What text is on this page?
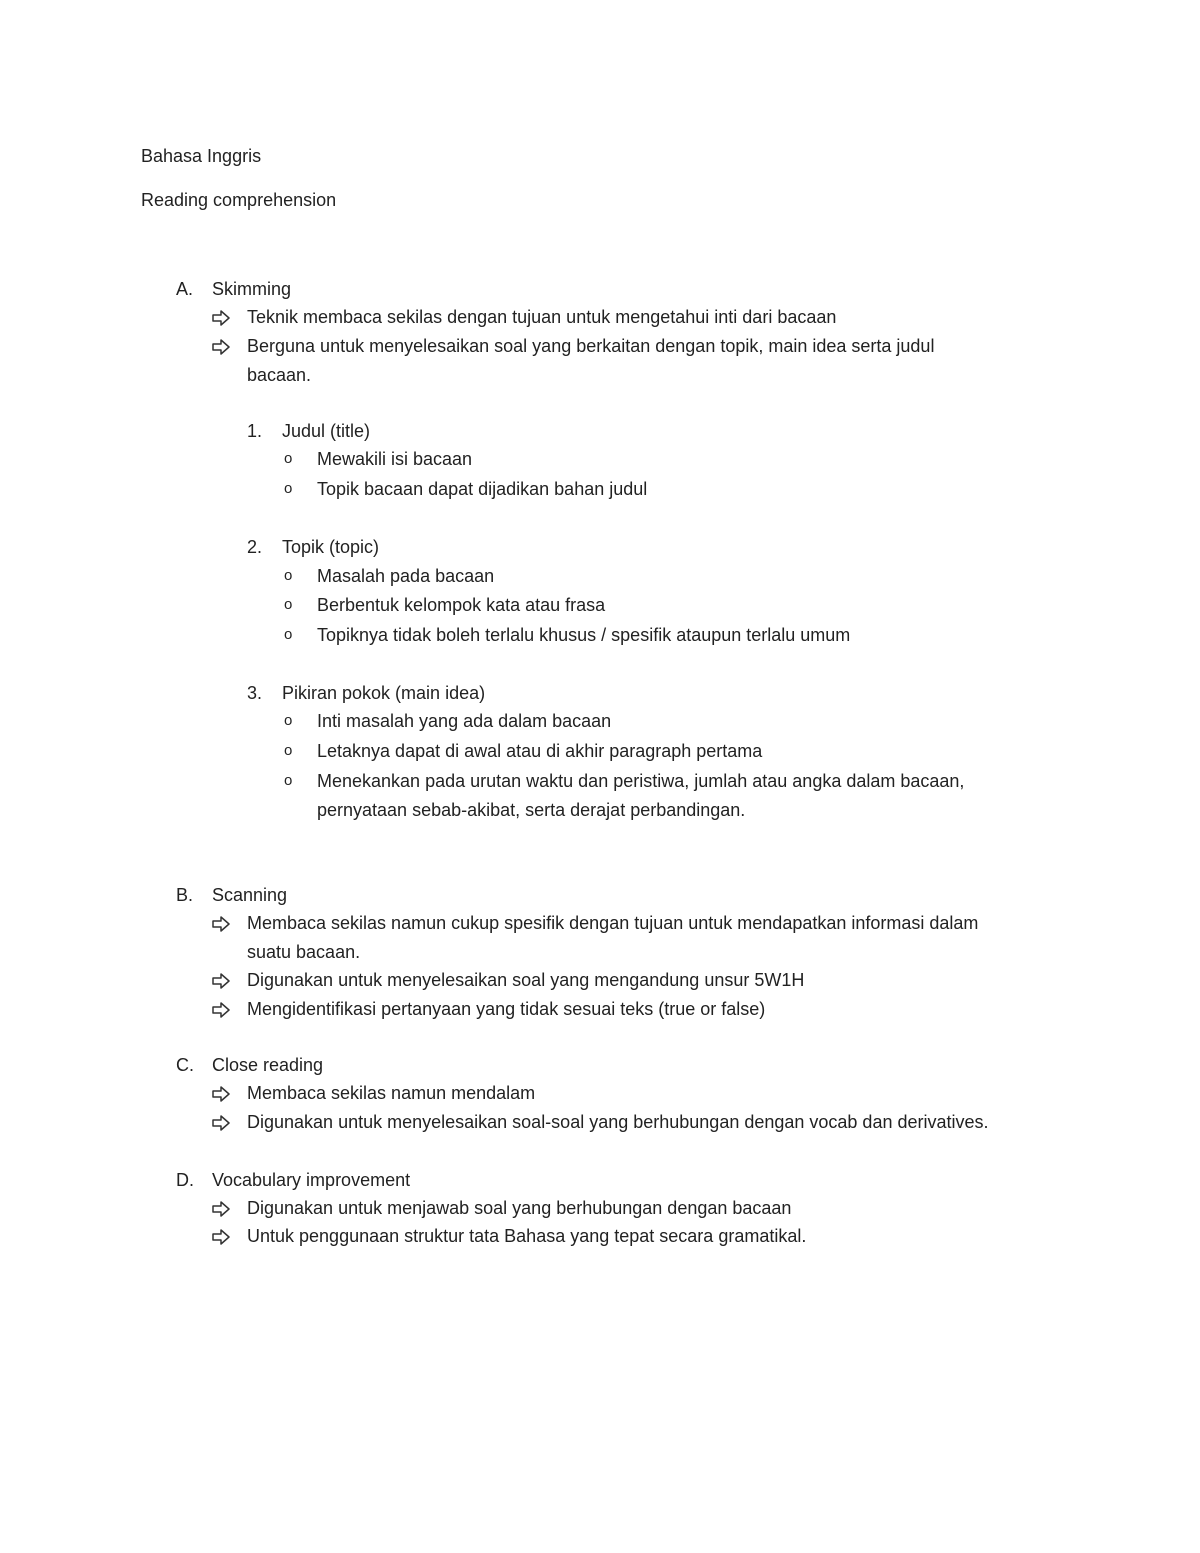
Bahasa Inggris
Reading comprehension
A. Skimming
Teknik membaca sekilas dengan tujuan untuk mengetahui inti dari bacaan
Berguna untuk menyelesaikan soal yang berkaitan dengan topik, main idea serta judul
bacaan.
1. Judul (title)
o Mewakili isi bacaan
o Topik bacaan dapat dijadikan bahan judul
2. Topik (topic)
o Masalah pada bacaan
o Berbentuk kelompok kata atau frasa
o Topiknya tidak boleh terlalu khusus / spesifik ataupun terlalu umum
3. Pikiran pokok (main idea)
o Inti masalah yang ada dalam bacaan
o Letaknya dapat di awal atau di akhir paragraph pertama
o Menekankan pada urutan waktu dan peristiwa, jumlah atau angka dalam bacaan,
pernyataan sebab-akibat, serta derajat perbandingan.
B. Scanning
Membaca sekilas namun cukup spesifik dengan tujuan untuk mendapatkan informasi dalam
suatu bacaan.
Digunakan untuk menyelesaikan soal yang mengandung unsur 5W1H
Mengidentifikasi pertanyaan yang tidak sesuai teks (true or false)
C. Close reading
Membaca sekilas namun mendalam
Digunakan untuk menyelesaikan soal-soal yang berhubungan dengan vocab dan derivatives.
D. Vocabulary improvement
Digunakan untuk menjawab soal yang berhubungan dengan bacaan
Untuk penggunaan struktur tata Bahasa yang tepat secara gramatikal.
